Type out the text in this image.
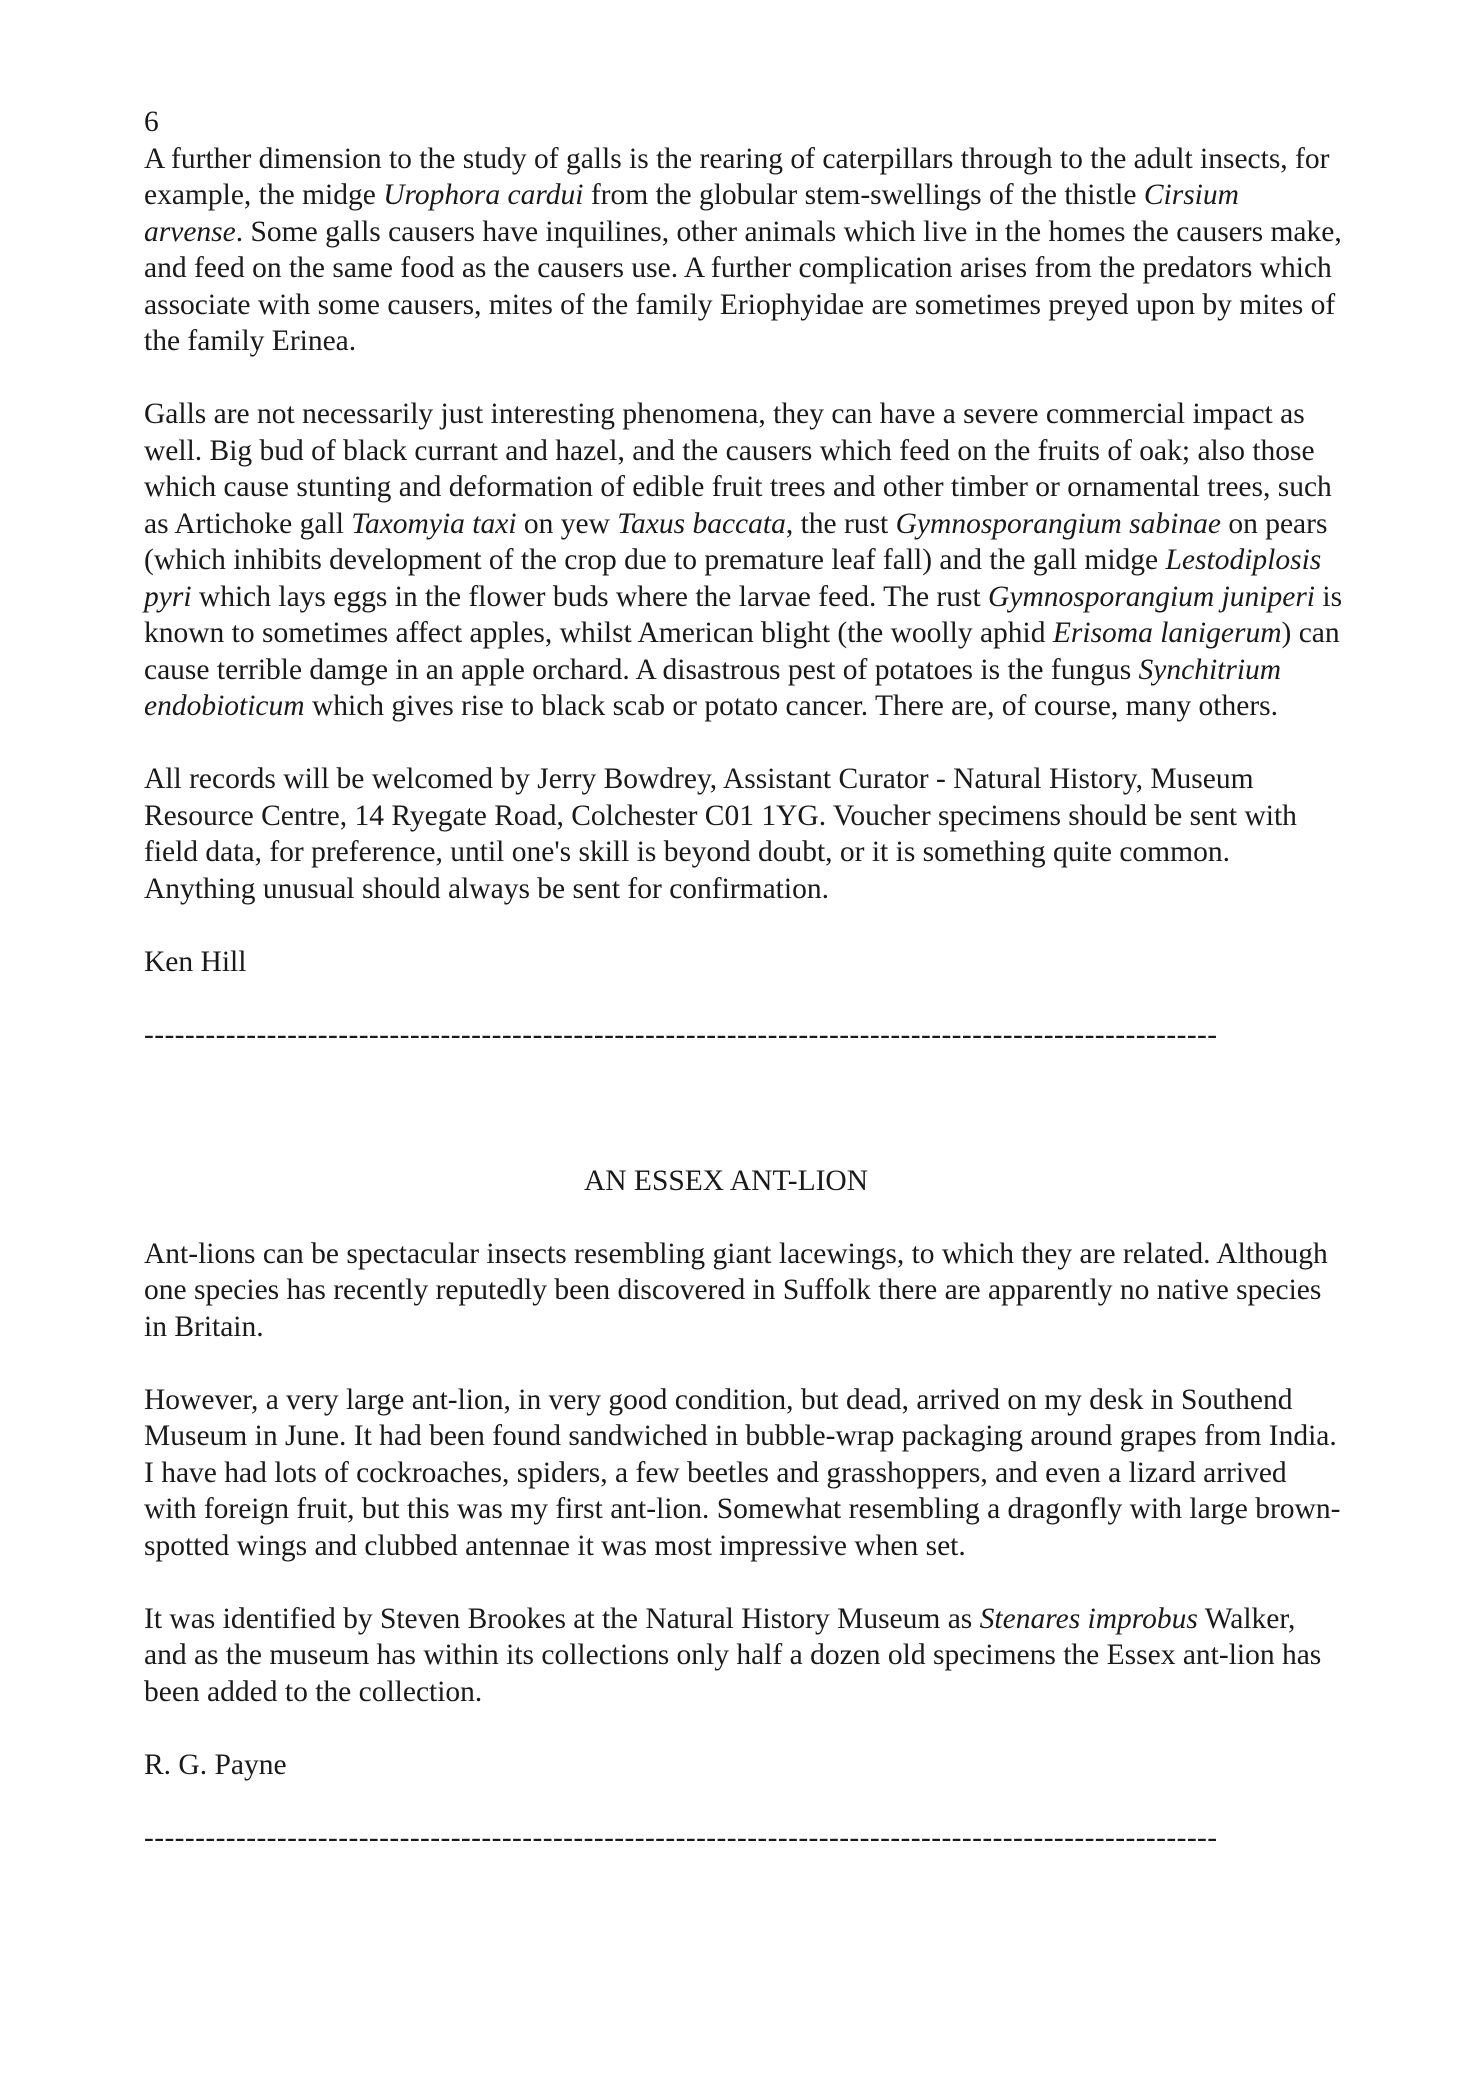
6

A further dimension to the study of galls is the rearing of caterpillars through to the adult insects, for example, the midge Urophora cardui from the globular stem-swellings of the thistle Cirsium arvense. Some galls causers have inquilines, other animals which live in the homes the causers make, and feed on the same food as the causers use. A further complication arises from the predators which associate with some causers, mites of the family Eriophyidae are sometimes preyed upon by mites of the family Erinea.

Galls are not necessarily just interesting phenomena, they can have a severe commercial impact as well. Big bud of black currant and hazel, and the causers which feed on the fruits of oak; also those which cause stunting and deformation of edible fruit trees and other timber or ornamental trees, such as Artichoke gall Taxomyia taxi on yew Taxus baccata, the rust Gymnosporangium sabinae on pears (which inhibits development of the crop due to premature leaf fall) and the gall midge Lestodiplosis pyri which lays eggs in the flower buds where the larvae feed. The rust Gymnosporangium juniperi is known to sometimes affect apples, whilst American blight (the woolly aphid Erisoma lanigerum) can cause terrible damge in an apple orchard. A disastrous pest of potatoes is the fungus Synchitrium endobioticum which gives rise to black scab or potato cancer. There are, of course, many others.

All records will be welcomed by Jerry Bowdrey, Assistant Curator - Natural History, Museum Resource Centre, 14 Ryegate Road, Colchester C01 1YG. Voucher specimens should be sent with field data, for preference, until one's skill is beyond doubt, or it is something quite common. Anything unusual should always be sent for confirmation.

Ken Hill
---------------------------------------------------------------------------------------------------------
AN ESSEX ANT-LION

Ant-lions can be spectacular insects resembling giant lacewings, to which they are related. Although one species has recently reputedly been discovered in Suffolk there are apparently no native species in Britain.

However, a very large ant-lion, in very good condition, but dead, arrived on my desk in Southend Museum in June. It had been found sandwiched in bubble-wrap packaging around grapes from India. I have had lots of cockroaches, spiders, a few beetles and grasshoppers, and even a lizard arrived with foreign fruit, but this was my first ant-lion. Somewhat resembling a dragonfly with large brown-spotted wings and clubbed antennae it was most impressive when set.

It was identified by Steven Brookes at the Natural History Museum as Stenares improbus Walker, and as the museum has within its collections only half a dozen old specimens the Essex ant-lion has been added to the collection.

R. G. Payne
---------------------------------------------------------------------------------------------------------
